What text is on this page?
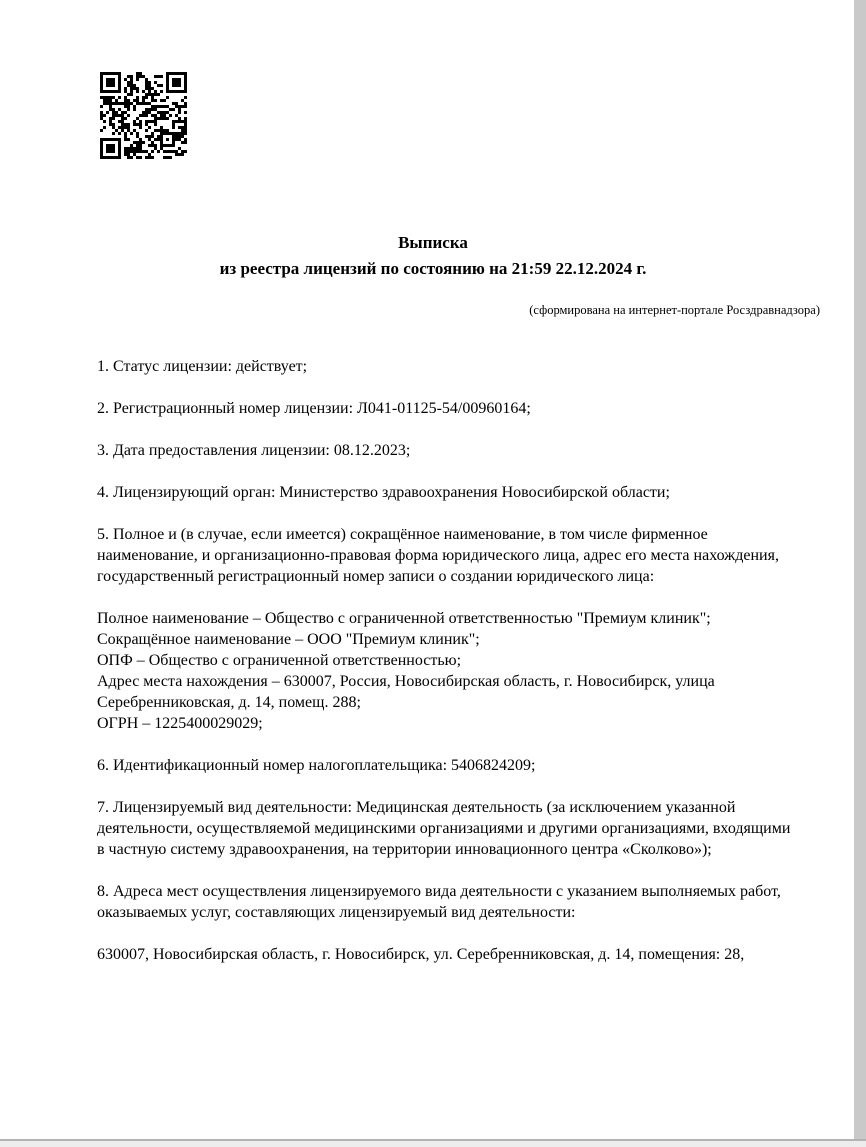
Выписка
из реестра лицензий по состоянию на 21:59 22.12.2024 г.
(сформирована на интернет-портале Росздравнадзора)

1. Статус лицензии: действует;

2. Регистрационный номер лицензии: Л041-01125-54/00960164;

3. Дата предоставления лицензии: 08.12.2023;

4. Лицензирующий орган: Министерство здравоохранения Новосибирской области;

5. Полное и (в случае, если имеется) сокращённое наименование, в том числе фирменное наименование, и организационно-правовая форма юридического лица, адрес его места нахождения, государственный регистрационный номер записи о создании юридического лица:

Полное наименование – Общество с ограниченной ответственностью "Премиум клиник";
Сокращённое наименование – ООО "Премиум клиник";
ОПФ – Общество с ограниченной ответственностью;
Адрес места нахождения – 630007, Россия, Новосибирская область, г. Новосибирск, улица Серебренниковская, д. 14, помещ. 288;
ОГРН – 1225400029029;

6. Идентификационный номер налогоплательщика: 5406824209;

7. Лицензируемый вид деятельности: Медицинская деятельность (за исключением указанной деятельности, осуществляемой медицинскими организациями и другими организациями, входящими в частную систему здравоохранения, на территории инновационного центра «Сколково»);

8. Адреса мест осуществления лицензируемого вида деятельности с указанием выполняемых работ, оказываемых услуг, составляющих лицензируемый вид деятельности:

630007, Новосибирская область, г. Новосибирск, ул. Серебренниковская, д. 14, помещения: 28,
